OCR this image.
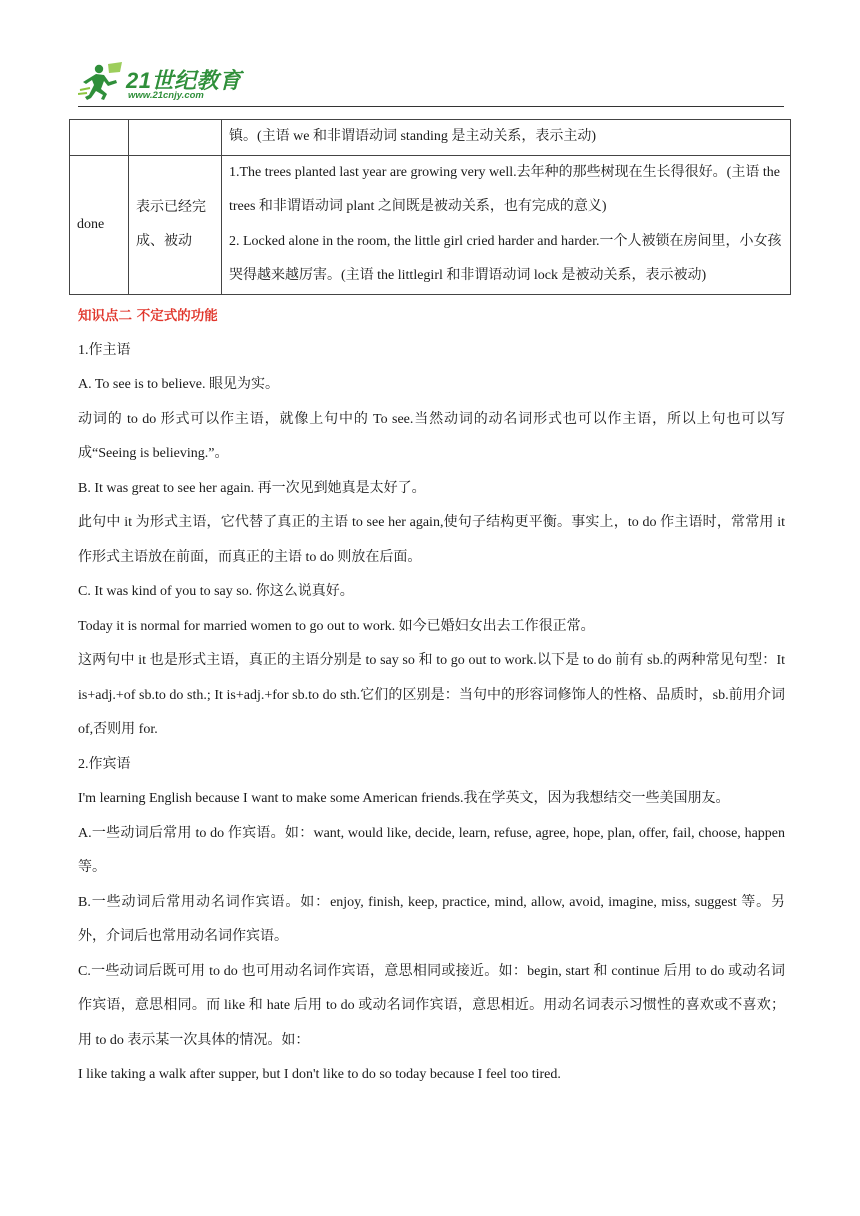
21世纪教育
www.21cnjy.com

		镇。(主语 we 和非谓语动词 standing 是主动关系，表示主动)

done	表示已经完成、被动	1.The trees planted last year are growing very well.去年种的那些树现在生长得很好。(主语 the trees 和非谓语动词 plant 之间既是被动关系，也有完成的意义)
2. Locked alone in the room, the little girl cried harder and harder.一个人被锁在房间里，小女孩哭得越来越厉害。(主语 the littlegirl 和非谓语动词 lock 是被动关系，表示被动)

知识点二 不定式的功能

1.作主语

A. To see is to believe. 眼见为实。

动词的 to do 形式可以作主语，就像上句中的 To see.当然动词的动名词形式也可以作主语，所以上句也可以写成“Seeing is believing.”。

B. It was great to see her again. 再一次见到她真是太好了。

此句中 it 为形式主语，它代替了真正的主语 to see her again,使句子结构更平衡。事实上，to do 作主语时，常常用 it 作形式主语放在前面，而真正的主语 to do 则放在后面。

C. It was kind of you to say so. 你这么说真好。

Today it is normal for married women to go out to work. 如今已婚妇女出去工作很正常。

这两句中 it 也是形式主语，真正的主语分别是 to say so 和 to go out to work.以下是 to do 前有 sb.的两种常见句型：It is+adj.+of sb.to do sth.; It is+adj.+for sb.to do sth.它们的区别是：当句中的形容词修饰人的性格、品质时，sb.前用介词 of,否则用 for.

2.作宾语

I'm learning English because I want to make some American friends.我在学英文，因为我想结交一些美国朋友。

A.一些动词后常用 to do 作宾语。如：want, would like, decide, learn, refuse, agree, hope, plan, offer, fail, choose, happen 等。

B.一些动词后常用动名词作宾语。如：enjoy, finish, keep, practice, mind, allow, avoid, imagine, miss, suggest 等。另外，介词后也常用动名词作宾语。

C.一些动词后既可用 to do 也可用动名词作宾语，意思相同或接近。如：begin, start 和 continue 后用 to do 或动名词作宾语，意思相同。而 like 和 hate 后用 to do 或动名词作宾语，意思相近。用动名词表示习惯性的喜欢或不喜欢；用 to do 表示某一次具体的情况。如：

I like taking a walk after supper, but I don't like to do so today because I feel too tired.
